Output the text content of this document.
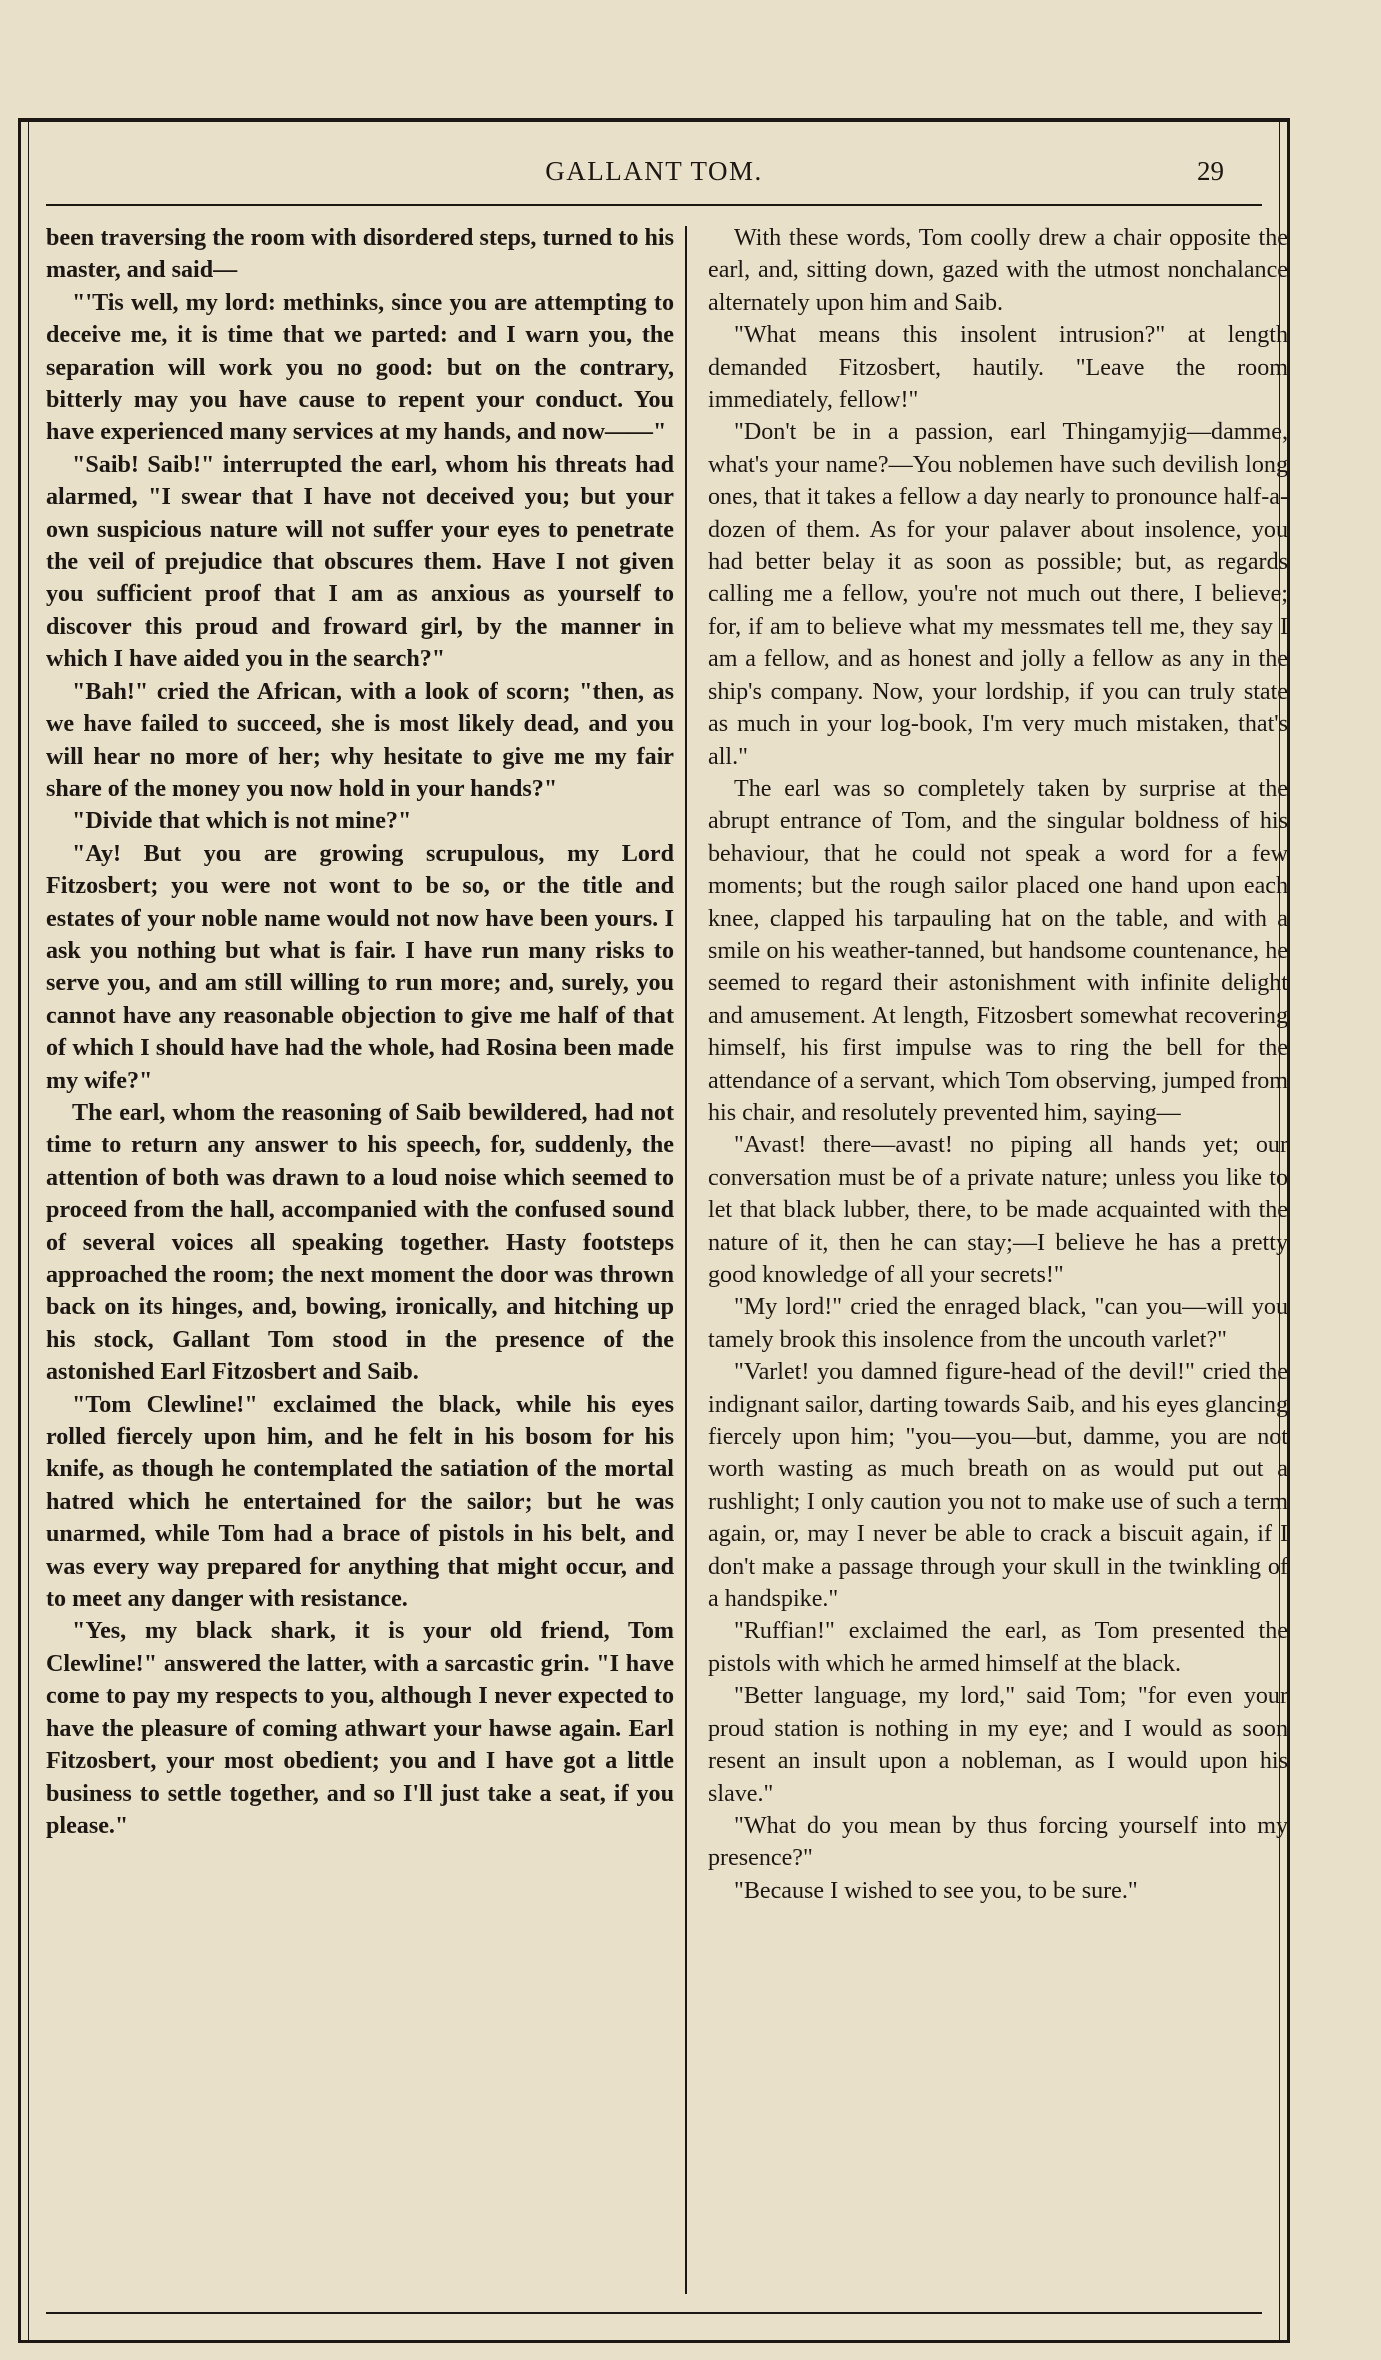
GALLANT TOM.	29

been traversing the room with disordered steps, turned to his master, and said—

"'Tis well, my lord: methinks, since you are attempting to deceive me, it is time that we parted: and I warn you, the separation will work you no good: but on the contrary, bitterly may you have cause to repent your conduct. You have experienced many services at my hands, and now——"

"Saib! Saib!" interrupted the earl, whom his threats had alarmed, "I swear that I have not deceived you; but your own suspicious nature will not suffer your eyes to penetrate the veil of prejudice that obscures them. Have I not given you sufficient proof that I am as anxious as yourself to discover this proud and froward girl, by the manner in which I have aided you in the search?"

"Bah!" cried the African, with a look of scorn; "then, as we have failed to succeed, she is most likely dead, and you will hear no more of her; why hesitate to give me my fair share of the money you now hold in your hands?"

"Divide that which is not mine?"

"Ay! But you are growing scrupulous, my Lord Fitzosbert; you were not wont to be so, or the title and estates of your noble name would not now have been yours. I ask you nothing but what is fair. I have run many risks to serve you, and am still willing to run more; and, surely, you cannot have any reasonable objection to give me half of that of which I should have had the whole, had Rosina been made my wife?"

The earl, whom the reasoning of Saib bewildered, had not time to return any answer to his speech, for, suddenly, the attention of both was drawn to a loud noise which seemed to proceed from the hall, accompanied with the confused sound of several voices all speaking together. Hasty footsteps approached the room; the next moment the door was thrown back on its hinges, and, bowing, ironically, and hitching up his stock, Gallant Tom stood in the presence of the astonished Earl Fitzosbert and Saib.

"Tom Clewline!" exclaimed the black, while his eyes rolled fiercely upon him, and he felt in his bosom for his knife, as though he contemplated the satiation of the mortal hatred which he entertained for the sailor; but he was unarmed, while Tom had a brace of pistols in his belt, and was every way prepared for anything that might occur, and to meet any danger with resistance.

"Yes, my black shark, it is your old friend, Tom Clewline!" answered the latter, with a sarcastic grin. "I have come to pay my respects to you, although I never expected to have the pleasure of coming athwart your hawse again. Earl Fitzosbert, your most obedient; you and I have got a little business to settle together, and so I'll just take a seat, if you please."

With these words, Tom coolly drew a chair opposite the earl, and, sitting down, gazed with the utmost nonchalance alternately upon him and Saib.

"What means this insolent intrusion?" at length demanded Fitzosbert, hautily. "Leave the room immediately, fellow!"

"Don't be in a passion, earl Thingamyjig—damme, what's your name?—You noblemen have such devilish long ones, that it takes a fellow a day nearly to pronounce half-a-dozen of them. As for your palaver about insolence, you had better belay it as soon as possible; but, as regards calling me a fellow, you're not much out there, I believe; for, if am to believe what my messmates tell me, they say I am a fellow, and as honest and jolly a fellow as any in the ship's company. Now, your lordship, if you can truly state as much in your log-book, I'm very much mistaken, that's all."

The earl was so completely taken by surprise at the abrupt entrance of Tom, and the singular boldness of his behaviour, that he could not speak a word for a few moments; but the rough sailor placed one hand upon each knee, clapped his tarpauling hat on the table, and with a smile on his weather-tanned, but handsome countenance, he seemed to regard their astonishment with infinite delight and amusement. At length, Fitzosbert somewhat recovering himself, his first impulse was to ring the bell for the attendance of a servant, which Tom observing, jumped from his chair, and resolutely prevented him, saying—

"Avast! there—avast! no piping all hands yet; our conversation must be of a private nature; unless you like to let that black lubber, there, to be made acquainted with the nature of it, then he can stay;—I believe he has a pretty good knowledge of all your secrets!"

"My lord!" cried the enraged black, "can you—will you tamely brook this insolence from the uncouth varlet?"

"Varlet! you damned figure-head of the devil!" cried the indignant sailor, darting towards Saib, and his eyes glancing fiercely upon him; "you—you—but, damme, you are not worth wasting as much breath on as would put out a rushlight; I only caution you not to make use of such a term again, or, may I never be able to crack a biscuit again, if I don't make a passage through your skull in the twinkling of a handspike."

"Ruffian!" exclaimed the earl, as Tom presented the pistols with which he armed himself at the black.

"Better language, my lord," said Tom; "for even your proud station is nothing in my eye; and I would as soon resent an insult upon a nobleman, as I would upon his slave."

"What do you mean by thus forcing yourself into my presence?"

"Because I wished to see you, to be sure."
